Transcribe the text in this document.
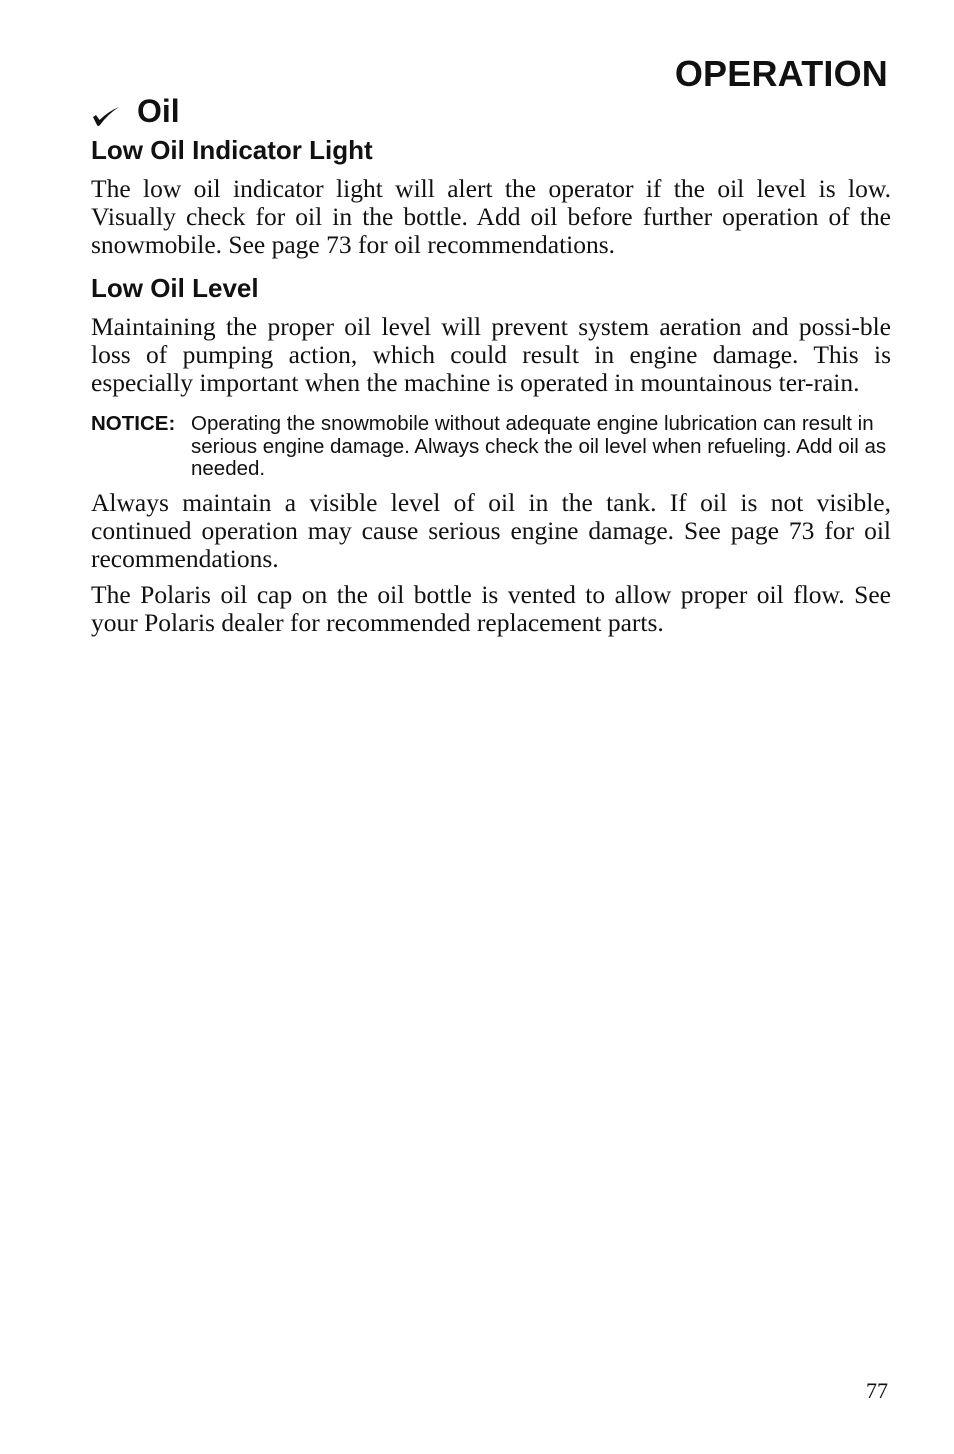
OPERATION
Oil
Low Oil Indicator Light

The low oil indicator light will alert the operator if the oil level is low. Visually check for oil in the bottle. Add oil before further operation of the snowmobile. See page 73 for oil recommendations.

Low Oil Level

Maintaining the proper oil level will prevent system aeration and possi-ble loss of pumping action, which could result in engine damage. This is especially important when the machine is operated in mountainous ter-rain.

NOTICE: Operating the snowmobile without adequate engine lubrication can result in serious engine damage. Always check the oil level when refueling. Add oil as needed.

Always maintain a visible level of oil in the tank. If oil is not visible, continued operation may cause serious engine damage. See page 73 for oil recommendations.

The Polaris oil cap on the oil bottle is vented to allow proper oil flow. See your Polaris dealer for recommended replacement parts.

77
